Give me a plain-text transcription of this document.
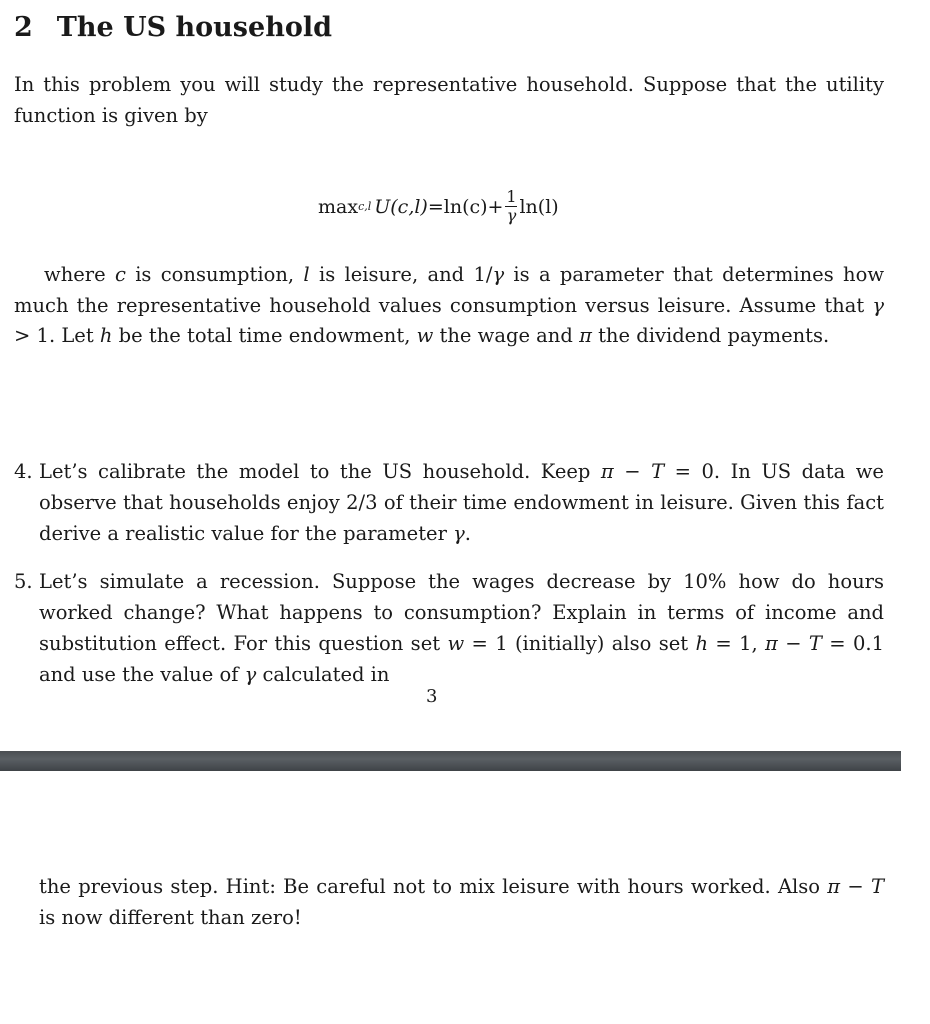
2 The US household
In this problem you will study the representative household. Suppose that the utility function is given by
max c,l $U(c,l) = \ln(c)+ \frac{1}{\gamma} \ln(l)$
where c is consumption, l is leisure, and 1/γ is a parameter that determines how much the representative household values consumption versus leisure. Assume that γ > 1. Let h be the total time endowment, w the wage and π the dividend payments.
4. Let’s calibrate the model to the US household. Keep π − T = 0. In US data we observe that households enjoy 2/3 of their time endowment in leisure. Given this fact derive a realistic value for the parameter γ.
5. Let’s simulate a recession. Suppose the wages decrease by 10% how do hours worked change? What happens to consumption? Explain in terms of income and substitution effect. For this question set w = 1 (initially) also set h = 1, π − T = 0.1 and use the value of γ calculated in
3
the previous step. Hint: Be careful not to mix leisure with hours worked. Also π − T is now different than zero!
